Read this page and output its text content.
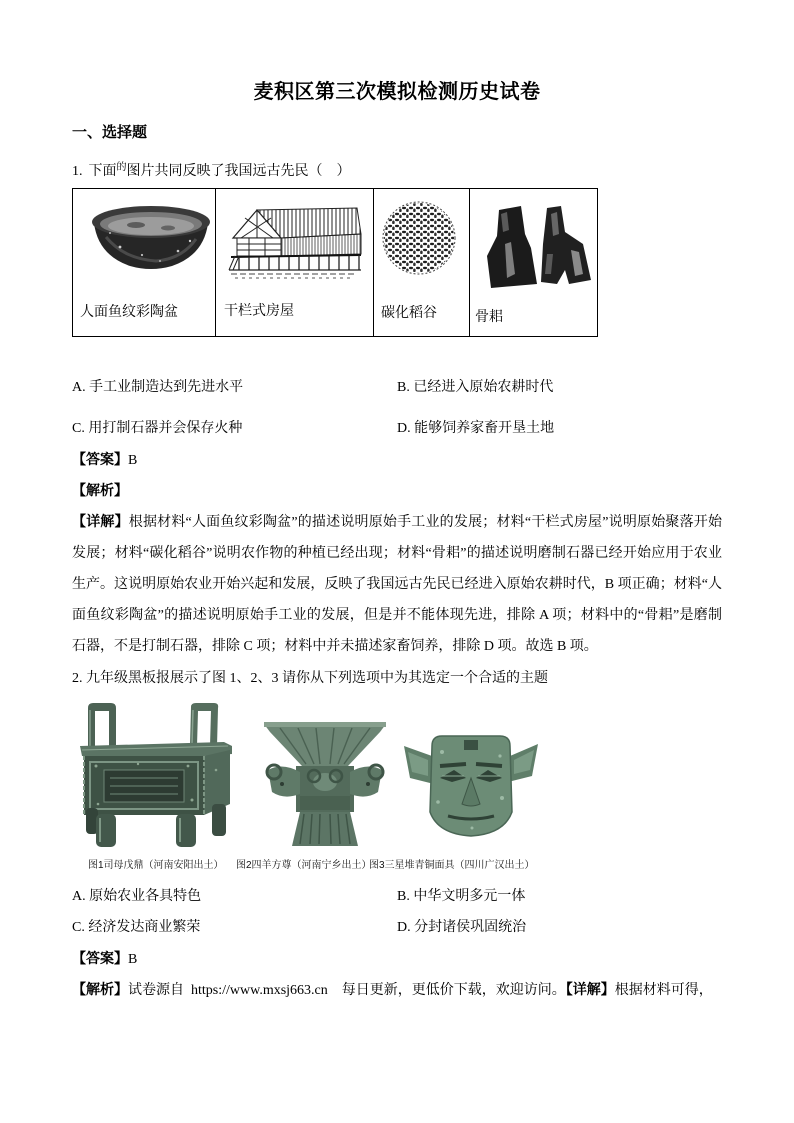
麦积区第三次模拟检测历史试卷
一、选择题
1. 下面$^的$图片共同反映了我国远古先民（    ）
人面鱼纹彩陶盆	干栏式房屋	碳化稻谷	骨耜
A. 手工业制造达到先进水平	B. 已经进入原始农耕时代
C. 用打制石器并会保存火种	D. 能够饲养家畜开垦土地
【答案】B
【解析】
【详解】根据材料“人面鱼纹彩陶盆”的描述说明原始手工业的发展；材料“干栏式房屋”说明原始聚落开始
发展；材料“碳化稻谷”说明农作物的种植已经出现；材料“骨耜”的描述说明磨制石器已经开始应用于农业
生产。这说明原始农业开始兴起和发展，反映了我国远古先民已经进入原始农耕时代，B 项正确；材料“人
面鱼纹彩陶盆”的描述说明原始手工业的发展，但是并不能体现先进，排除 A 项；材料中的“骨耜”是磨制
石器，不是打制石器，排除 C 项；材料中并未描述家畜饲养，排除 D 项。故选 B 项。
2. 九年级黑板报展示了图 1、2、3 请你从下列选项中为其选定一个合适的主题
图1司母戊鼎（河南安阳出土） 图2四羊方尊（河南宁乡出土）
图3三星堆青铜面具（四川广汉出土）
A. 原始农业各具特色	B. 中华文明多元一体
C. 经济发达商业繁荣	D. 分封诸侯巩固统治
【答案】B
【解析】试卷源自  https://www.mxsj663.cn    每日更新，更低价下载，欢迎访问。【详解】根据材料可得，
